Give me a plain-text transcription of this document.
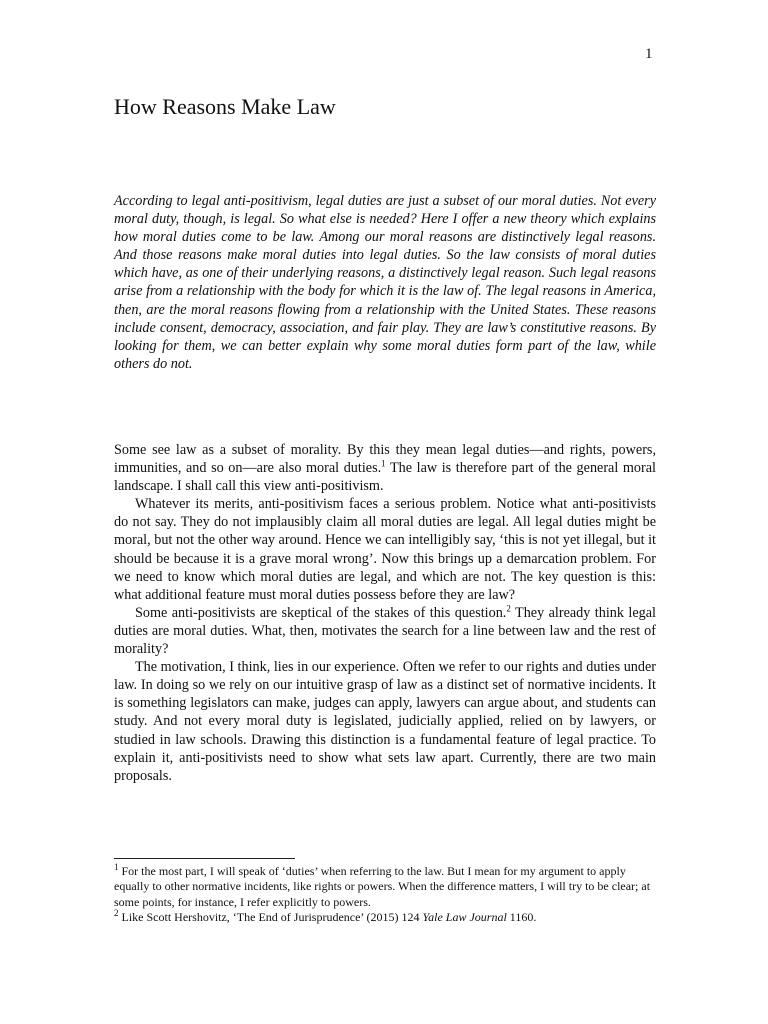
1
How Reasons Make Law

According to legal anti-positivism, legal duties are just a subset of our moral duties. Not every moral duty, though, is legal. So what else is needed? Here I offer a new theory which explains how moral duties come to be law. Among our moral reasons are distinctively legal reasons. And those reasons make moral duties into legal duties. So the law consists of moral duties which have, as one of their underlying reasons, a distinctively legal reason. Such legal reasons arise from a relationship with the body for which it is the law of. The legal reasons in America, then, are the moral reasons flowing from a relationship with the United States. These reasons include consent, democracy, association, and fair play. They are law’s constitutive reasons. By looking for them, we can better explain why some moral duties form part of the law, while others do not.

Some see law as a subset of morality. By this they mean legal duties—and rights, powers, immunities, and so on—are also moral duties.$^1$ The law is therefore part of the general moral landscape. I shall call this view anti-positivism.

Whatever its merits, anti-positivism faces a serious problem. Notice what anti-positivists do not say. They do not implausibly claim all moral duties are legal. All legal duties might be moral, but not the other way around. Hence we can intelligibly say, ‘this is not yet illegal, but it should be because it is a grave moral wrong’. Now this brings up a demarcation problem. For we need to know which moral duties are legal, and which are not. The key question is this: what additional feature must moral duties possess before they are law?

Some anti-positivists are skeptical of the stakes of this question.$^2$ They already think legal duties are moral duties. What, then, motivates the search for a line between law and the rest of morality?

The motivation, I think, lies in our experience. Often we refer to our rights and duties under law. In doing so we rely on our intuitive grasp of law as a distinct set of normative incidents. It is something legislators can make, judges can apply, lawyers can argue about, and students can study. And not every moral duty is legislated, judicially applied, relied on by lawyers, or studied in law schools. Drawing this distinction is a fundamental feature of legal practice. To explain it, anti-positivists need to show what sets law apart. Currently, there are two main proposals.

$^1$ For the most part, I will speak of ‘duties’ when referring to the law. But I mean for my argument to apply equally to other normative incidents, like rights or powers. When the difference matters, I will try to be clear; at some points, for instance, I refer explicitly to powers.

$^2$ Like Scott Hershovitz, ‘The End of Jurisprudence’ (2015) 124 Yale Law Journal 1160.
